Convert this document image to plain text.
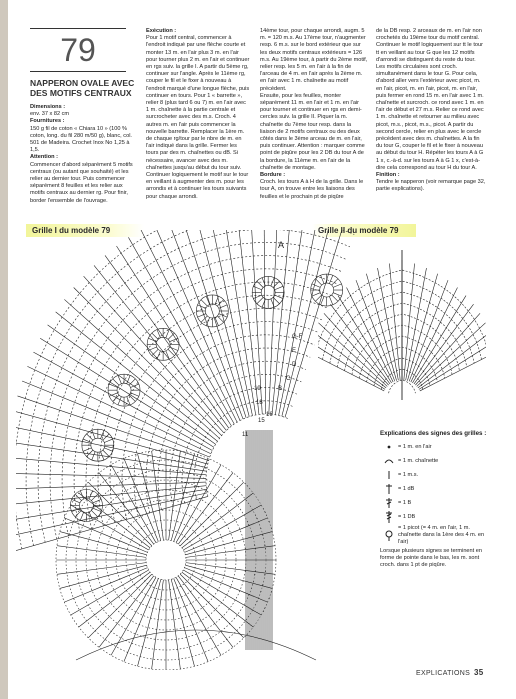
79
NAPPERON OVALE AVEC DES MOTIFS CENTRAUX

Dimensions :

env. 37 x 82 cm

Fournitures :

150 g fil de coton « Chiara 10 » (100 % coton, long. du fil 280 m/50 g), blanc, col. 501 de Madeira. Crochet Inox No 1,25 à 1,5.

Attention :

Commencer d'abord séparément 5 motifs centraux (ou autant que souhaité) et les relier au dernier tour. Puis commencer séparément 8 feuilles et les relier aux motifs centraux au dernier rg. Pour finir, border l'ensemble de l'ouvrage.

Exécution :

Pour 1 motif central, commencer à l'endroit indiqué par une flèche courte et monter 13 m. en l'air plus 3 m. en l'air pour tourner plus 2 m. en l'air et continuer en rgs suiv. la grille I. A partir du 5ème rg, continuer sur l'angle. Après le 11ème rg, couper le fil et le fixer à nouveau à l'endroit marqué d'une longue flèche, puis continuer en tours. Pour 1 « barrette », relier 8 (plus tard 6 ou 7) m. en l'air avec 1 m. chaînette à la partie centrale et surcrocheter avec des m.s. Croch. 4 autres m. en l'air puis commencer la nouvelle barrette. Remplacer la 1ère m. de chaque rg/tour par le nbre de m. en l'air indiqué dans la grille. Fermer les tours par des m. chaînettes ou dB. Si nécessaire, avancer avec des m. chaînettes jusqu'au début du tour suiv. Continuer logiquement le motif sur le tour en veillant à augmenter des m. pour les arrondis et à continuer les tours suivants pour chaque arrondi.

14ème tour, pour chaque arrondi, augm. 5 m. = 120 m.s. Au 17ème tour, n'augmenter resp. 6 m.s. sur le bord extérieur que sur les deux motifs centraux extérieurs = 126 m.s. Au 19ème tour, à partir du 2ème motif, relier resp. les 5 m. en l'air à la fin de l'arceau de 4 m. en l'air après la 2ème m. en l'air avec 1 m. chaînette au motif précédent.

Ensuite, pour les feuilles, monter séparément 11 m. en l'air et 1 m. en l'air pour tourner et continuer en rgs en demi-cercles suiv. la grille II. Piquer la m. chaînette du 7ème tour resp. dans la liaison de 2 motifs centraux ou des deux côtés dans le 3ème arceau de m. en l'air, puis continuer. Attention : marquer comme point de piqûre pour les 2 DB du tour A de la bordure, la 11ème m. en l'air de la chaînette de montage.

Bordure :

Croch. les tours A à H de la grille. Dans le tour A, on trouve entre les liaisons des feuilles et le prochain pt de piqûre

de la DB resp. 2 arceaux de m. en l'air non crochetés du 19ème tour du motif central. Continuer le motif logiquement sur tt le tour tt en veillant au tour G que les 12 motifs d'arrondi se distinguent du reste du tour. Les motifs circulaires sont croch. simultanément dans le tour G. Pour cela, d'abord aller vers l'extérieur avec picot, m. en l'air, picot, m. en l'air, picot, m. en l'air, puis fermer en rond 15 m. en l'air avec 1 m. chaînette et surcroch. ce rond avec 1 m. en l'air de début et 27 m.s. Relier ce rond avec 1 m. chaînette et retourner au milieu avec picot, m.s., picot, m.s., picot. A partir du second cercle, relier en plus avec le cercle précédent avec des m. chaînettes. A la fin du tour G, couper le fil et le fixer à nouveau au début du tour H. Répéter les tours A à G 1 x, c.-à-d. sur les tours A à G 1 x, c'est-à-dire cela correspond au tour H du tour A.

Finition :

Tendre le napperon (voir remarque page 32, partie explications).

Grille I du modèle 79	Grille II du modèle 79
A
G-F
E
D
C
B
19
18
16
15
11	Explications des signes des grilles :
= 1 m. en l'air
= 1 m. chaînette
= 1 m.s.
= 1 dB
= 1 B
= 1 DB
= 1 picot (= 4 m. en l'air, 1 m. chaînette dans la 1ère des 4 m. en l'air)
Lorsque plusieurs signes se terminent en forme de pointe dans le bas, les m. sont croch. dans 1 pt de piqûre.
EXPLICATIONS 35
